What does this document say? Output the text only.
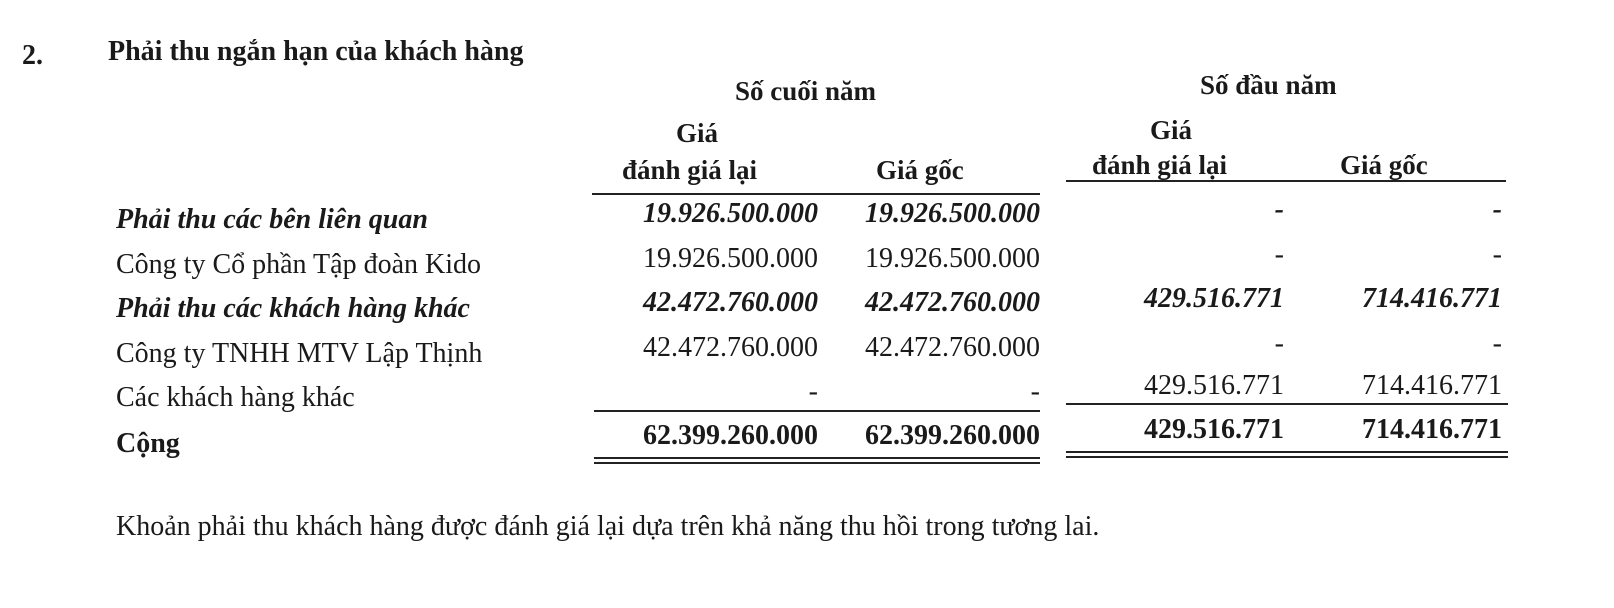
2. Phải thu ngắn hạn của khách hàng
Số cuối năm	Số đầu năm
Giá
đánh giá lại	Giá gốc
Giá
đánh giá lại	Giá gốc
Phải thu các bên liên quan	19.926.500.000 19.926.500.000	-	-
Công ty Cổ phần Tập đoàn Kido	19.926.500.000 19.926.500.000	-	-
Phải thu các khách hàng khác	42.472.760.000 42.472.760.000	429.516.771	714.416.771
Công ty TNHH MTV Lập Thịnh	42.472.760.000 42.472.760.000	-	-
Các khách hàng khác	-	-	429.516.771	714.416.771
Cộng	62.399.260.000 62.399.260.000	429.516.771	714.416.771
Khoản phải thu khách hàng được đánh giá lại dựa trên khả năng thu hồi trong tương lai.
